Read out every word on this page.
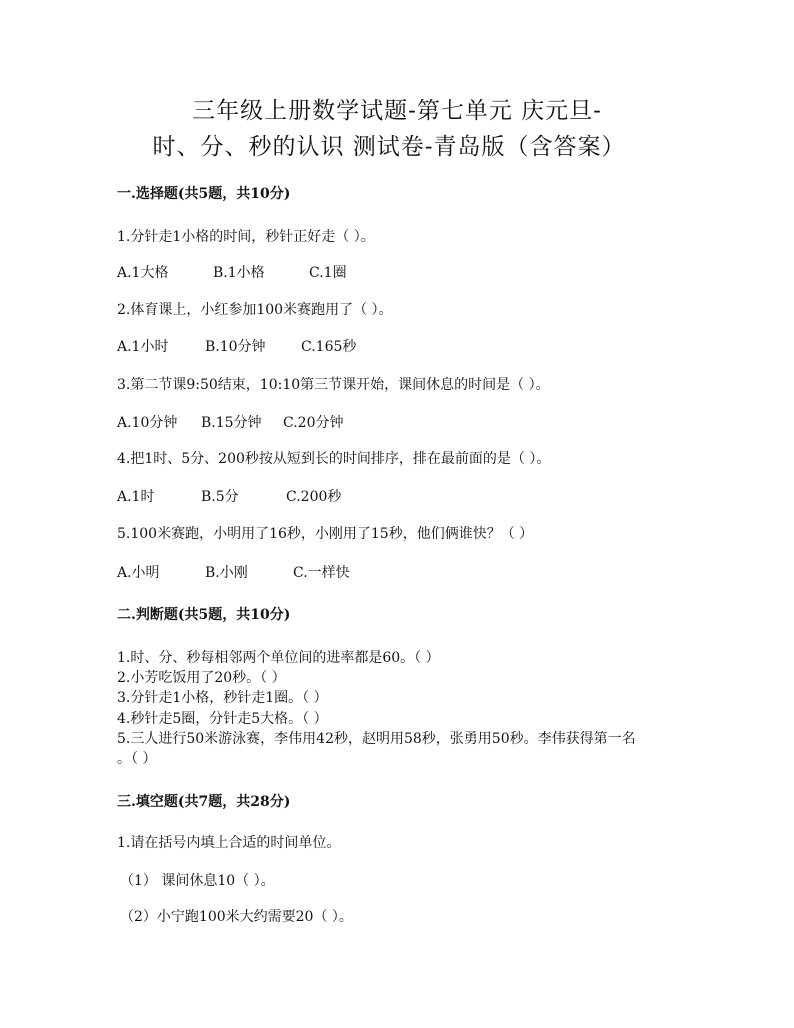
三年级上册数学试题-第七单元 庆元旦-
时、分、秒的认识 测试卷-青岛版（含答案）
一.选择题(共5题，共10分)
1.分针走1小格的时间，秒针正好走（ ）。
A.1大格	B.1小格	C.1圈
2.体育课上，小红参加100米赛跑用了（ ）。
A.1小时	B.10分钟	C.165秒
3.第二节课9:50结束，10:10第三节课开始，课间休息的时间是（ ）。
A.10分钟 B.15分钟 C.20分钟
4.把1时、5分、200秒按从短到长的时间排序，排在最前面的是（ ）。
A.1时	B.5分	C.200秒
5.100米赛跑，小明用了16秒，小刚用了15秒，他们俩谁快？（ ）
A.小明	B.小刚	C.一样快
二.判断题(共5题，共10分)
1.时、分、秒每相邻两个单位间的进率都是60。（ ）
2.小芳吃饭用了20秒。（ ）
3.分针走1小格，秒针走1圈。（ ）
4.秒针走5圈，分针走5大格。（ ）
5.三人进行50米游泳赛，李伟用42秒，赵明用58秒，张勇用50秒。李伟获得第一名
。（ ）
三.填空题(共7题，共28分)
1.请在括号内填上合适的时间单位。
（1） 课间休息10（ ）。
（2）小宁跑100米大约需要20（ ）。
